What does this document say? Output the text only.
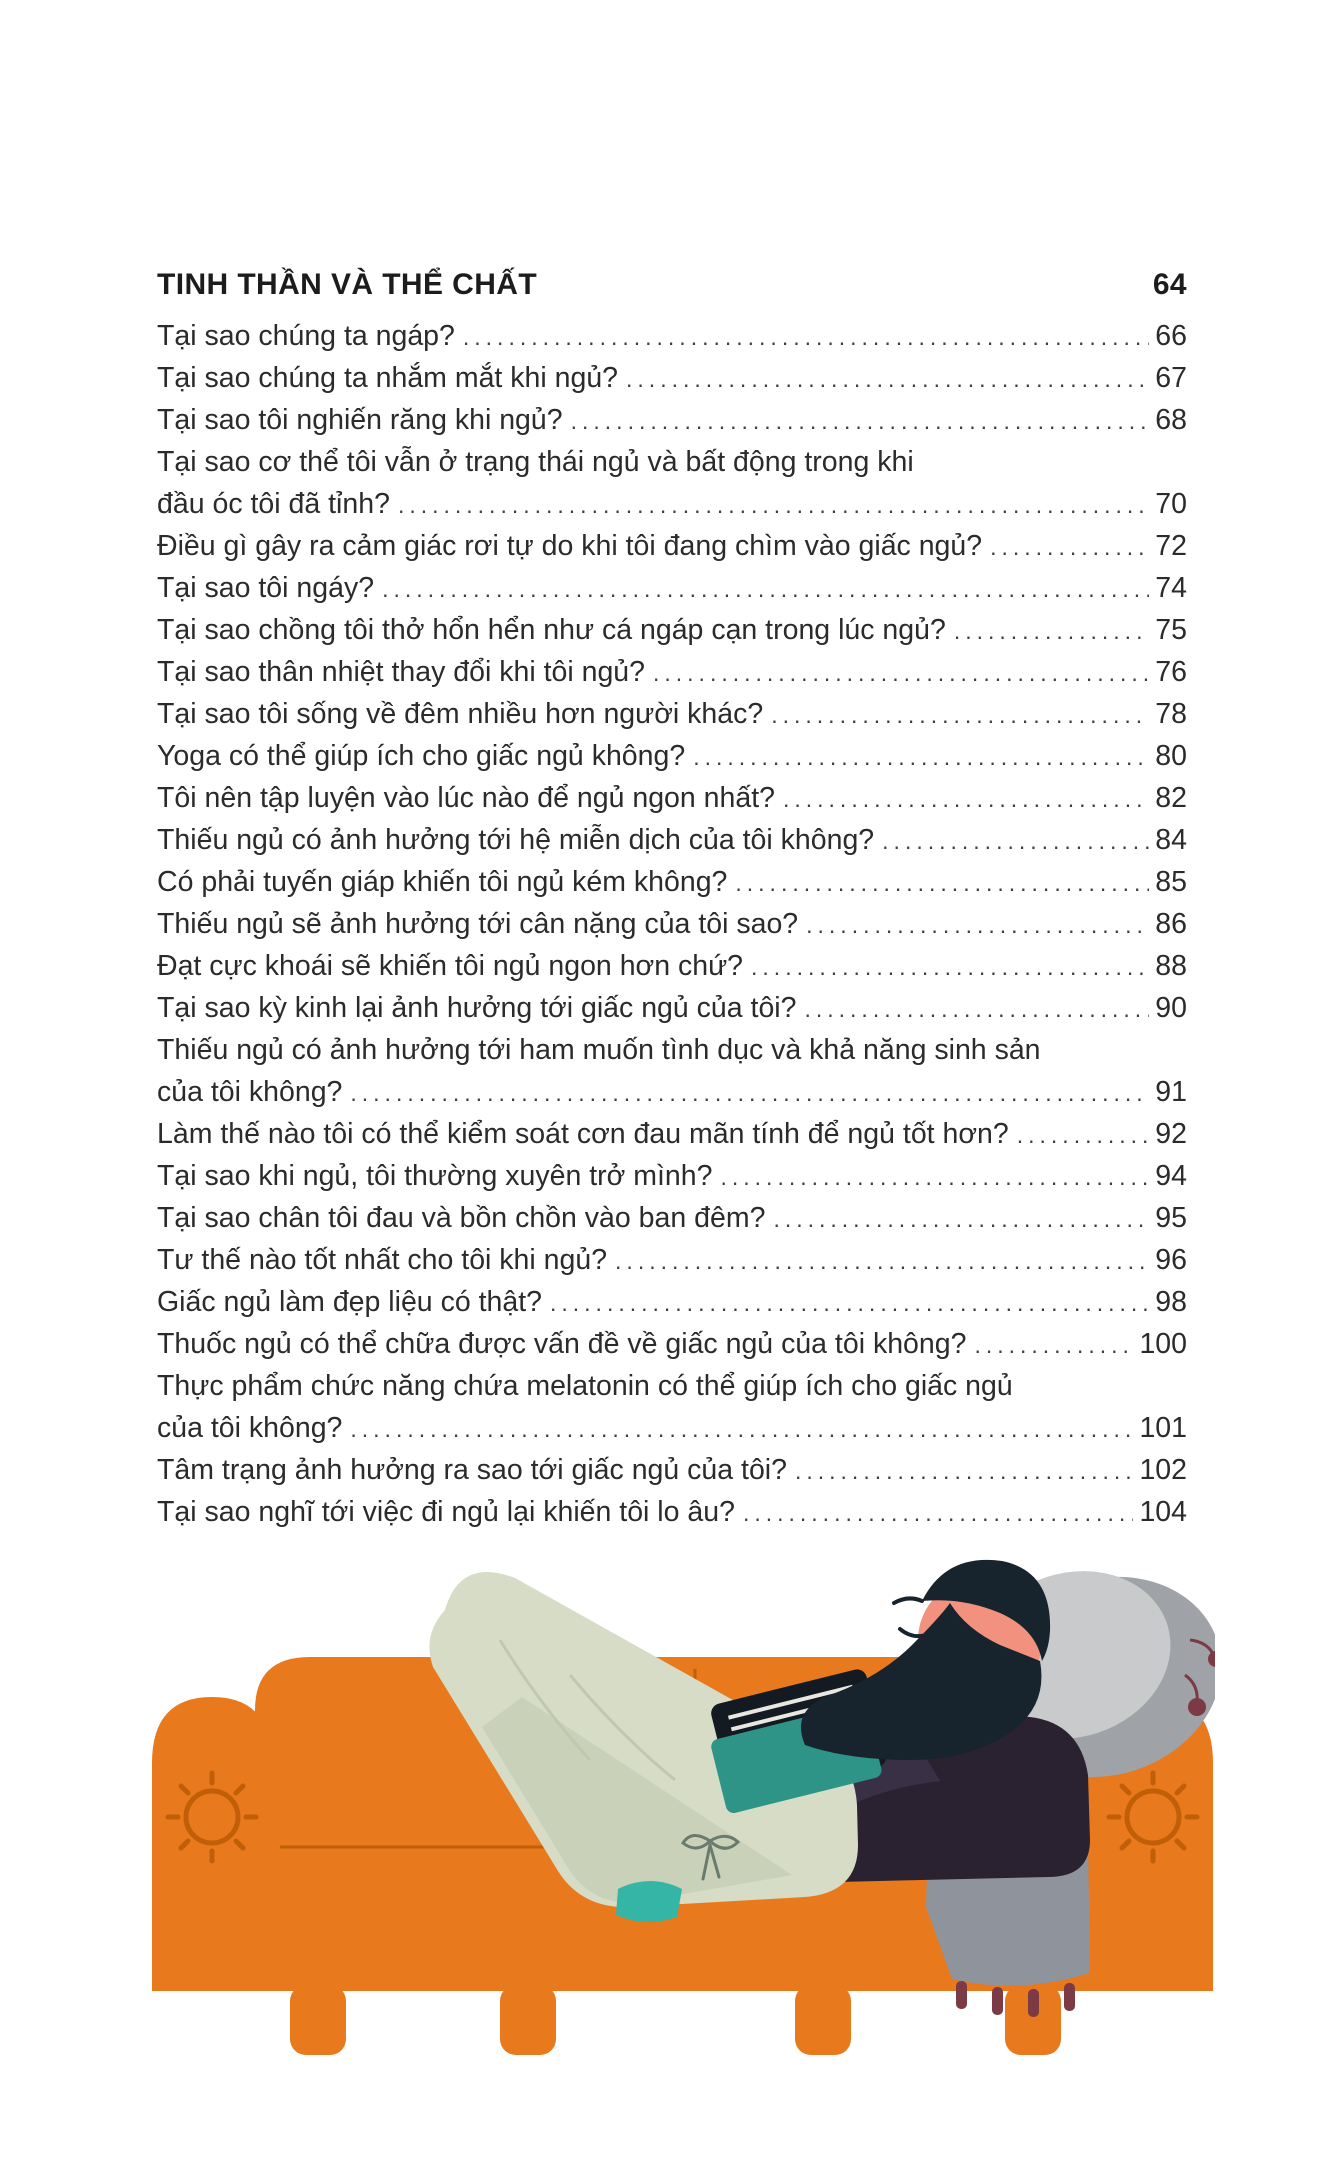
TINH THẦN VÀ THỂ CHẤT	64
Tại sao chúng ta ngáp? .....	66
Tại sao chúng ta nhắm mắt khi ngủ? .....	67
Tại sao tôi nghiến răng khi ngủ? .....	68
Tại sao cơ thể tôi vẫn ở trạng thái ngủ và bất động trong khi
đầu óc tôi đã tỉnh? .....	70
Điều gì gây ra cảm giác rơi tự do khi tôi đang chìm vào giấc ngủ? .....	72
Tại sao tôi ngáy? .....	74
Tại sao chồng tôi thở hổn hển như cá ngáp cạn trong lúc ngủ? .....	75
Tại sao thân nhiệt thay đổi khi tôi ngủ? .....	76
Tại sao tôi sống về đêm nhiều hơn người khác? .....	78
Yoga có thể giúp ích cho giấc ngủ không? .....	80
Tôi nên tập luyện vào lúc nào để ngủ ngon nhất? .....	82
Thiếu ngủ có ảnh hưởng tới hệ miễn dịch của tôi không? .....	84
Có phải tuyến giáp khiến tôi ngủ kém không? .....	85
Thiếu ngủ sẽ ảnh hưởng tới cân nặng của tôi sao? .....	86
Đạt cực khoái sẽ khiến tôi ngủ ngon hơn chứ? .....	88
Tại sao kỳ kinh lại ảnh hưởng tới giấc ngủ của tôi? .....	90
Thiếu ngủ có ảnh hưởng tới ham muốn tình dục và khả năng sinh sản
của tôi không? .....	91
Làm thế nào tôi có thể kiểm soát cơn đau mãn tính để ngủ tốt hơn? .....	92
Tại sao khi ngủ, tôi thường xuyên trở mình? .....	94
Tại sao chân tôi đau và bồn chồn vào ban đêm? .....	95
Tư thế nào tốt nhất cho tôi khi ngủ? .....	96
Giấc ngủ làm đẹp liệu có thật? .....	98
Thuốc ngủ có thể chữa được vấn đề về giấc ngủ của tôi không? .....	100
Thực phẩm chức năng chứa melatonin có thể giúp ích cho giấc ngủ
của tôi không? .....	101
Tâm trạng ảnh hưởng ra sao tới giấc ngủ của tôi? .....	102
Tại sao nghĩ tới việc đi ngủ lại khiến tôi lo âu? .....	104
